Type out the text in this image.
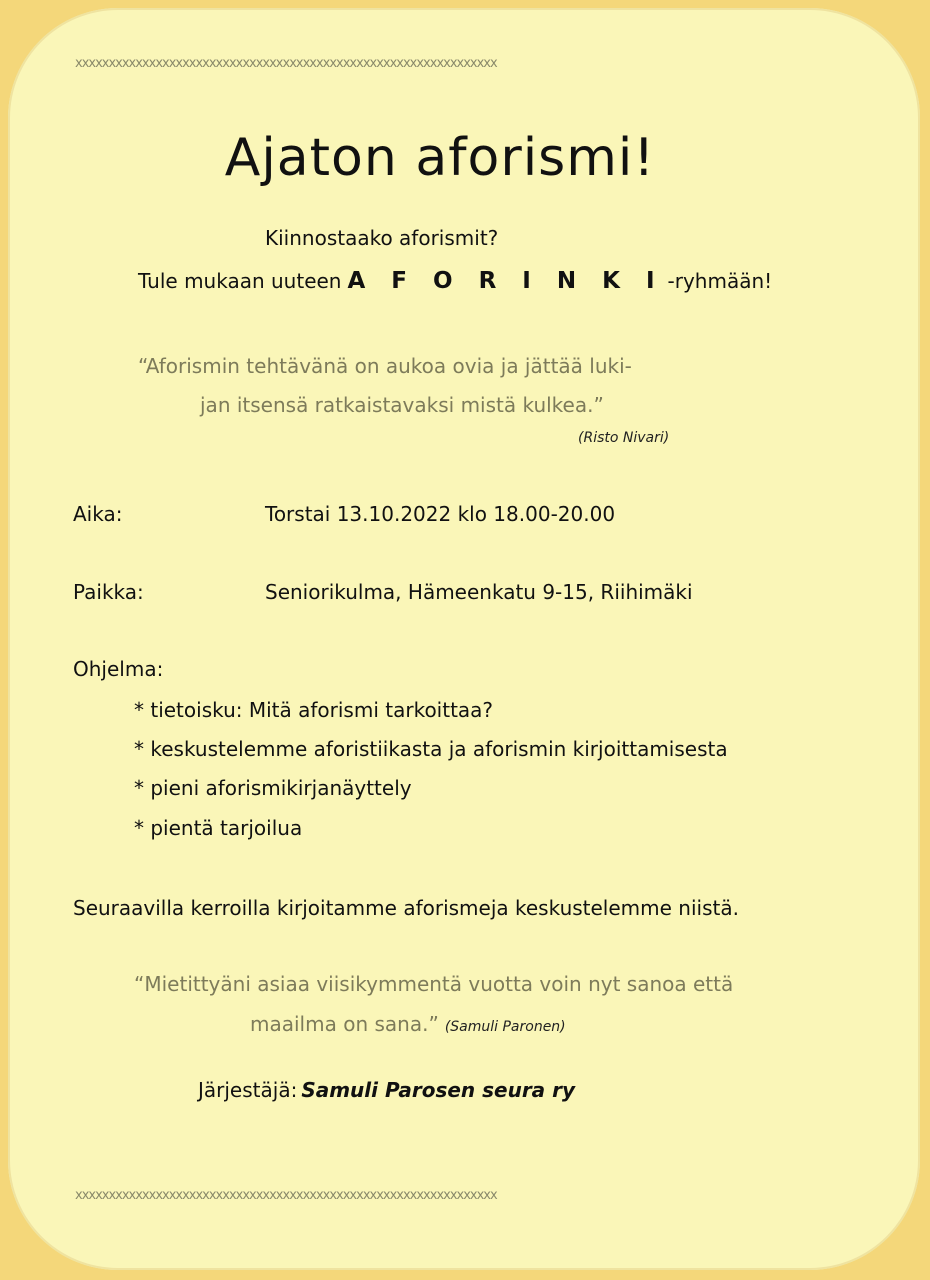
xxxxxxxxxxxxxxxxxxxxxxxxxxxxxxxxxxxxxxxxxxxxxxxxxxxxxxxxxxxxxxx
Ajaton aforismi!

Kiinnostaako aforismit?

Tule mukaan uuteen A F O R I N K I -ryhmään!

“Aforismin tehtävänä on aukoa ovia ja jättää luki-

jan itsensä ratkaistavaksi mistä kulkea.”

(Risto Nivari)

Aika:	Torstai 13.10.2022 klo 18.00-20.00

Paikka:	Seniorikulma, Hämeenkatu 9-15, Riihimäki

Ohjelma:

* tietoisku: Mitä aforismi tarkoittaa?

* keskustelemme aforistiikasta ja aforismin kirjoittamisesta

* pieni aforismikirjanäyttely

* pientä tarjoilua

Seuraavilla kerroilla kirjoitamme aforismeja keskustelemme niistä.

“Mietittyäni asiaa viisikymmentä vuotta voin nyt sanoa että

maailma on sana.” (Samuli Paronen)

Järjestäjä: Samuli Parosen seura ry

xxxxxxxxxxxxxxxxxxxxxxxxxxxxxxxxxxxxxxxxxxxxxxxxxxxxxxxxxxxxxxx
